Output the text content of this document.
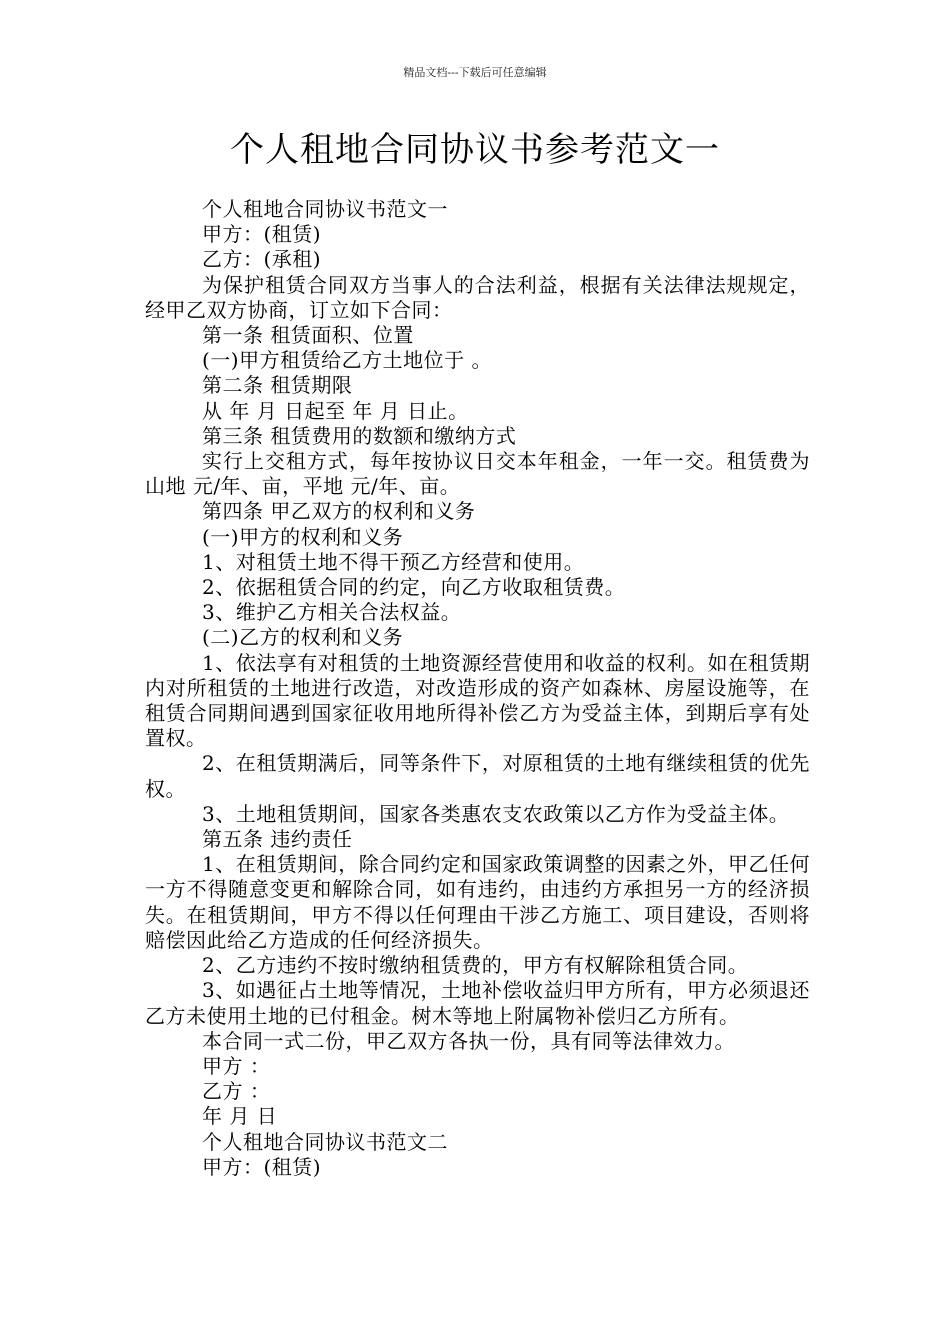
精品文档---下载后可任意编辑
个人租地合同协议书参考范文一

个人租地合同协议书范文一

甲方：(租赁)

乙方：(承租)

为保护租赁合同双方当事人的合法利益，根据有关法律法规规定，经甲乙双方协商，订立如下合同：

第一条 租赁面积、位置

(一)甲方租赁给乙方土地位于 。

第二条 租赁期限

从 年 月 日起至 年 月 日止。

第三条 租赁费用的数额和缴纳方式

实行上交租方式，每年按协议日交本年租金，一年一交。租赁费为山地 元/年、亩，平地 元/年、亩。

第四条 甲乙双方的权利和义务

(一)甲方的权利和义务

1、对租赁土地不得干预乙方经营和使用。

2、依据租赁合同的约定，向乙方收取租赁费。

3、维护乙方相关合法权益。

(二)乙方的权利和义务

1、依法享有对租赁的土地资源经营使用和收益的权利。如在租赁期内对所租赁的土地进行改造，对改造形成的资产如森林、房屋设施等，在租赁合同期间遇到国家征收用地所得补偿乙方为受益主体，到期后享有处置权。

2、在租赁期满后，同等条件下，对原租赁的土地有继续租赁的优先权。

3、土地租赁期间，国家各类惠农支农政策以乙方作为受益主体。

第五条 违约责任

1、在租赁期间，除合同约定和国家政策调整的因素之外，甲乙任何一方不得随意变更和解除合同，如有违约，由违约方承担另一方的经济损失。在租赁期间，甲方不得以任何理由干涉乙方施工、项目建设，否则将赔偿因此给乙方造成的任何经济损失。

2、乙方违约不按时缴纳租赁费的，甲方有权解除租赁合同。

3、如遇征占土地等情况，土地补偿收益归甲方所有，甲方必须退还乙方未使用土地的已付租金。树木等地上附属物补偿归乙方所有。

本合同一式二份，甲乙双方各执一份，具有同等法律效力。

甲方 ：

乙方 ：

年 月 日

个人租地合同协议书范文二

甲方：(租赁)
